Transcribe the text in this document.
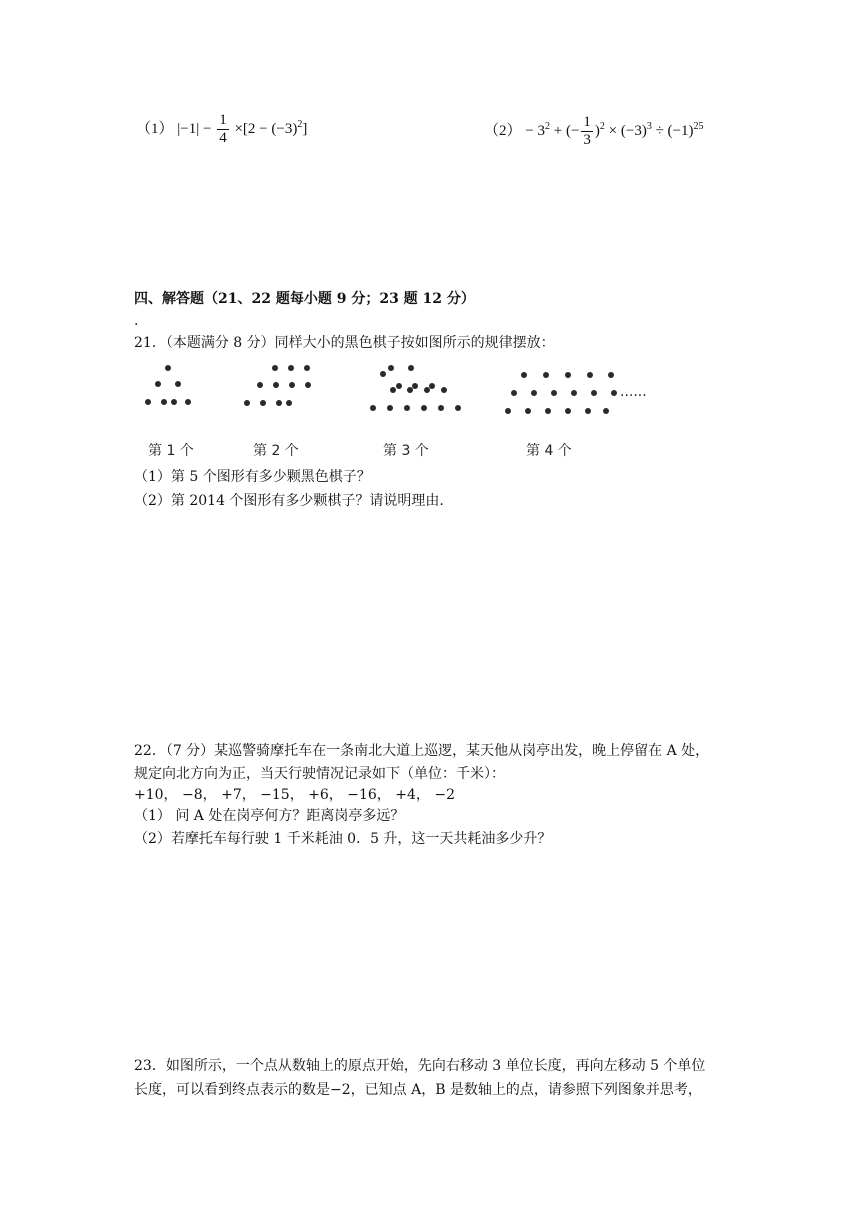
（1） $|-1| - \frac{1}{4} \times[2 - (-3)^2]$	$(2) - 3^2$ + (− $\frac{1}{3} )^2 \times (-3)^3 \div (-1)^{25}$
四、解答题（21、22 题每小题 9 分；23 题 12 分）
.
21．（本题满分 8 分）同样大小的黑色棋子按如图所示的规律摆放：
......
第 1 个	第 2 个	第 3 个	第 4 个
（1）第 5 个图形有多少颗黑色棋子？
（2）第 2014 个图形有多少颗棋子？请说明理由.
22．（7 分）某巡警骑摩托车在一条南北大道上巡逻，某天他从岗亭出发，晚上停留在 A 处，
规定向北方向为正，当天行驶情况记录如下（单位：千米）：
+10， −8， +7， −15， +6， −16， +4， −2
（1） 问 A 处在岗亭何方？距离岗亭多远？
（2）若摩托车每行驶 1 千米耗油 0．5 升，这一天共耗油多少升？
23．如图所示，一个点从数轴上的原点开始，先向右移动 3 单位长度，再向左移动 5 个单位
长度，可以看到终点表示的数是−2，已知点 A，B 是数轴上的点，请参照下列图象并思考，
